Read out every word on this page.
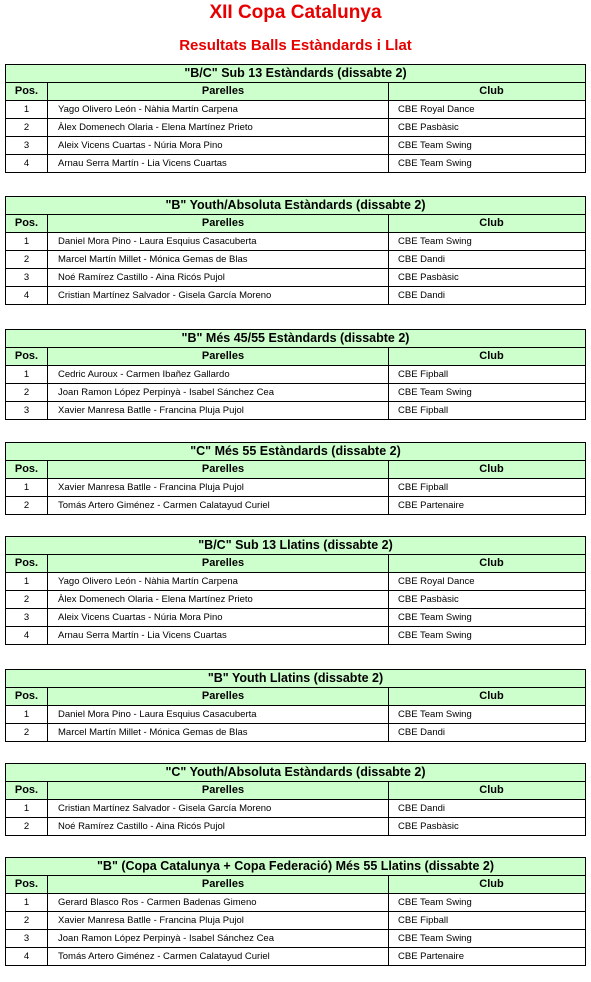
XII Copa Catalunya
Resultats Balls Estàndards i Llat
"B/C" Sub 13 Estàndards (dissabte 2)		
Pos.	Parelles	Club
1	Yago Olivero León - Nàhia Martín Carpena	CBE Royal Dance
2	Àlex Domenech Olaria - Elena Martínez Prieto	CBE Pasbàsic
3	Aleix Vicens Cuartas - Núria Mora Pino	CBE Team Swing
4	Arnau Serra Martín - Lia Vicens Cuartas	CBE Team Swing
"B" Youth/Absoluta Estàndards (dissabte 2)		
Pos.	Parelles	Club
1	Daniel Mora Pino - Laura Esquius Casacuberta	CBE Team Swing
2	Marcel Martín Millet - Mónica Gemas de Blas	CBE Dandi
3	Noé Ramírez Castillo - Aina Ricós Pujol	CBE Pasbàsic
4	Cristian Martínez Salvador - Gisela García Moreno	CBE Dandi
"B" Més 45/55 Estàndards (dissabte 2)		
Pos.	Parelles	Club
1	Cedric Auroux - Carmen Ibañez Gallardo	CBE Fipball
2	Joan Ramon López Perpinyà - Isabel Sánchez Cea	CBE Team Swing
3	Xavier Manresa Batlle - Francina Pluja Pujol	CBE Fipball
"C" Més 55 Estàndards (dissabte 2)		
Pos.	Parelles	Club
1	Xavier Manresa Batlle - Francina Pluja Pujol	CBE Fipball
2	Tomás Artero Giménez - Carmen Calatayud Curiel	CBE Partenaire
"B/C" Sub 13 Llatins (dissabte 2)		
Pos.	Parelles	Club
1	Yago Olivero León - Nàhia Martín Carpena	CBE Royal Dance
2	Àlex Domenech Olaria - Elena Martínez Prieto	CBE Pasbàsic
3	Aleix Vicens Cuartas - Núria Mora Pino	CBE Team Swing
4	Arnau Serra Martín - Lia Vicens Cuartas	CBE Team Swing
"B" Youth Llatins (dissabte 2)		
Pos.	Parelles	Club
1	Daniel Mora Pino - Laura Esquius Casacuberta	CBE Team Swing
2	Marcel Martín Millet - Mónica Gemas de Blas	CBE Dandi
"C" Youth/Absoluta Estàndards (dissabte 2)		
Pos.	Parelles	Club
1	Cristian Martínez Salvador - Gisela García Moreno	CBE Dandi
2	Noé Ramírez Castillo - Aina Ricós Pujol	CBE Pasbàsic
"B" (Copa Catalunya + Copa Federació) Més 55 Llatins (dissabte 2)		
Pos.	Parelles	Club
1	Gerard Blasco Ros - Carmen Badenas Gimeno	CBE Team Swing
2	Xavier Manresa Batlle - Francina Pluja Pujol	CBE Fipball
3	Joan Ramon López Perpinyà - Isabel Sánchez Cea	CBE Team Swing
4	Tomás Artero Giménez - Carmen Calatayud Curiel	CBE Partenaire
